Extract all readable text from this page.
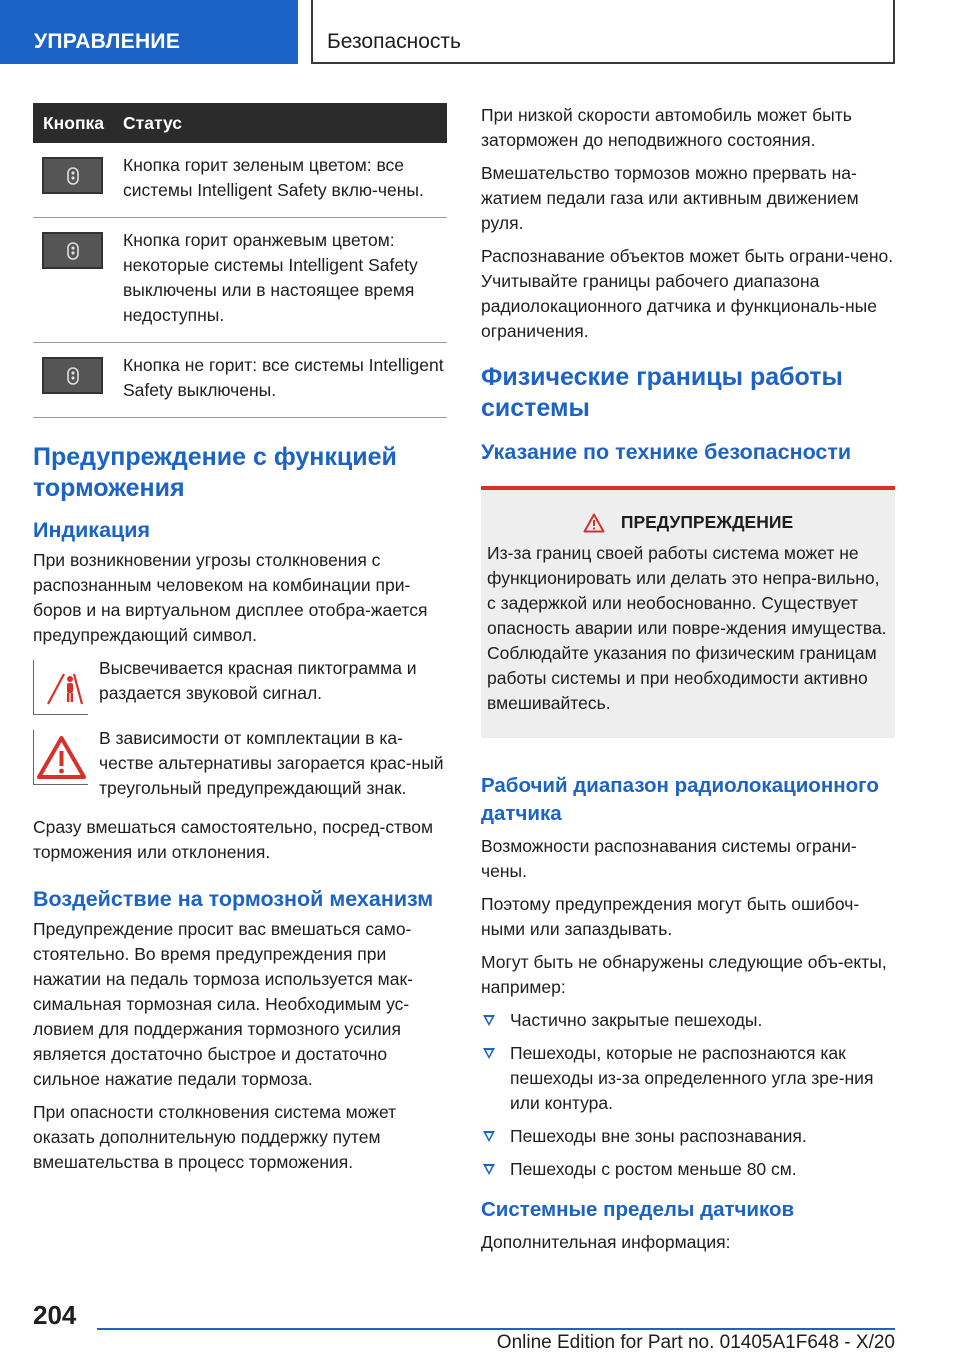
УПРАВЛЕНИЕ	Безопасность
Кнопка	Статус
Кнопка горит зеленым цветом: все системы Intelligent Safety вклю-чены.
Кнопка горит оранжевым цветом: некоторые системы Intelligent Safety выключены или в настоящее время недоступны.
Кнопка не горит: все системы Intelligent Safety выключены.
Предупреждение с функцией торможения
Индикация

При возникновении угрозы столкновения с распознанным человеком на комбинации при-боров и на виртуальном дисплее отобра-жается предупреждающий символ.

Высвечивается красная пиктограмма и раздается звуковой сигнал.

В зависимости от комплектации в ка-честве альтернативы загорается крас-ный треугольный предупреждающий знак.

Сразу вмешаться самостоятельно, посред-ством торможения или отклонения.

Воздействие на тормозной механизм

Предупреждение просит вас вмешаться само-стоятельно. Во время предупреждения при нажатии на педаль тормоза используется мак-симальная тормозная сила. Необходимым ус-ловием для поддержания тормозного усилия является достаточно быстрое и достаточно сильное нажатие педали тормоза.

При опасности столкновения система может оказать дополнительную поддержку путем вмешательства в процесс торможения.

При низкой скорости автомобиль может быть заторможен до неподвижного состояния.

Вмешательство тормозов можно прервать на-жатием педали газа или активным движением руля.

Распознавание объектов может быть ограни-чено. Учитывайте границы рабочего диапазона радиолокационного датчика и функциональ-ные ограничения.

Физические границы работы системы
Указание по технике безопасности
ПРЕДУПРЕЖДЕНИЕ

Из-за границ своей работы система может не функционировать или делать это непра-вильно, с задержкой или необоснованно. Существует опасность аварии или повре-ждения имущества. Соблюдайте указания по физическим границам работы системы и при необходимости активно вмешивайтесь.

Рабочий диапазон радиолокационного датчика

Возможности распознавания системы ограни-чены.

Поэтому предупреждения могут быть ошибоч-ными или запаздывать.

Могут быть не обнаружены следующие объ-екты, например:

Частично закрытые пешеходы.
Пешеходы, которые не распознаются как пешеходы из-за определенного угла зре-ния или контура.
Пешеходы вне зоны распознавания.
Пешеходы с ростом меньше 80 см.
Системные пределы датчиков

Дополнительная информация:

204
Online Edition for Part no. 01405A1F648 - X/20
